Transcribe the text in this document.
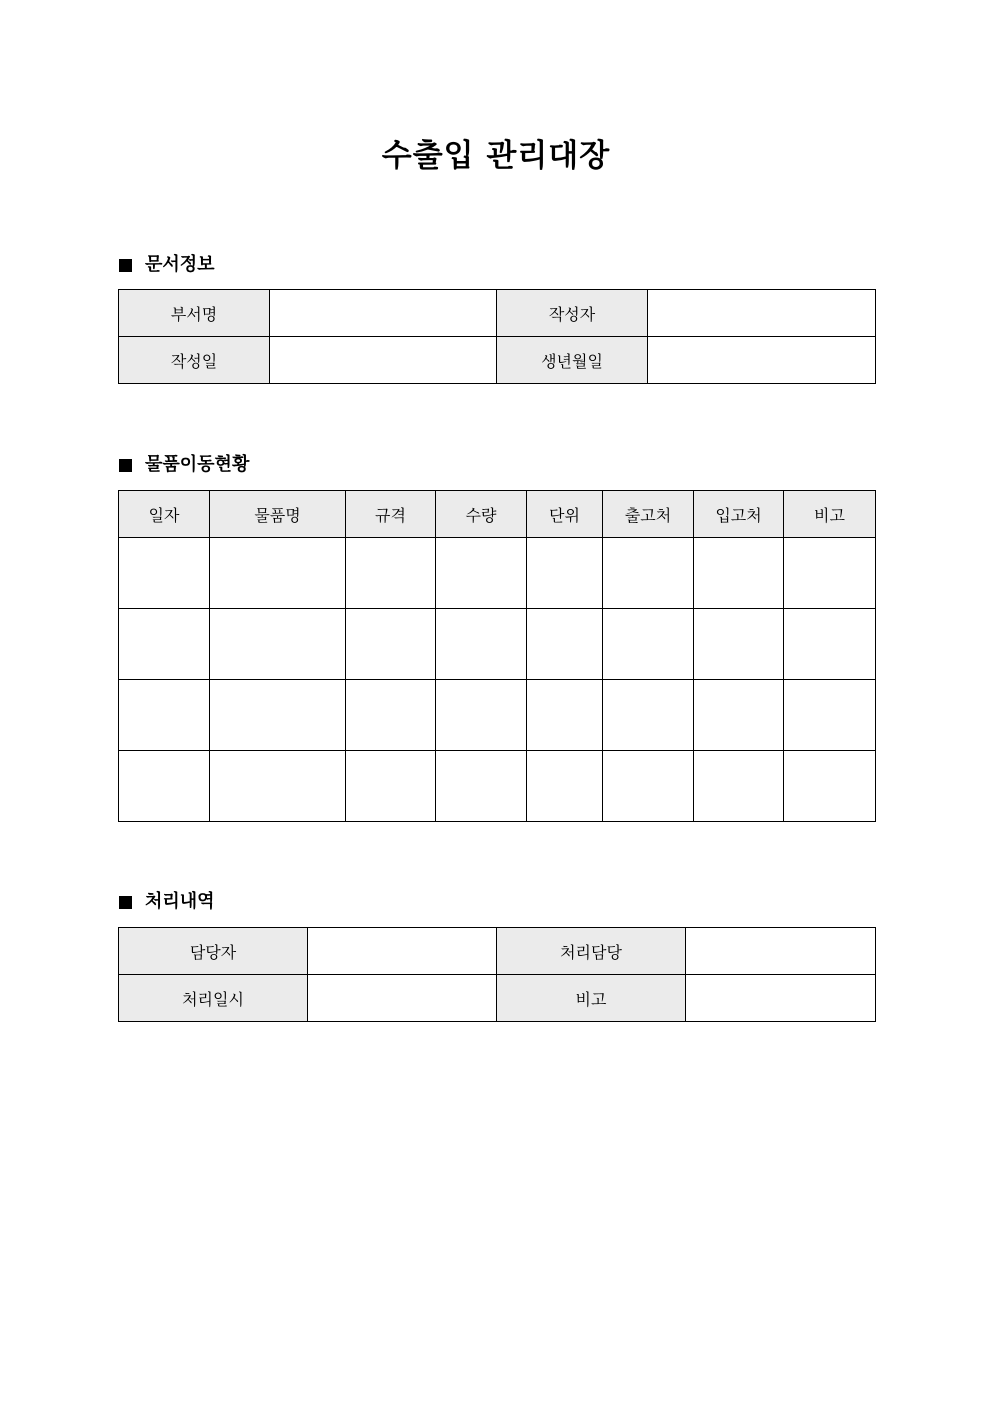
수출입 관리대장
문서정보
부서명		작성자	
작성일		생년월일	
물품이동현황
일자	물품명	규격	수량	단위	출고처	입고처	비고

처리내역
담당자		처리담당	
처리일시		비고	
